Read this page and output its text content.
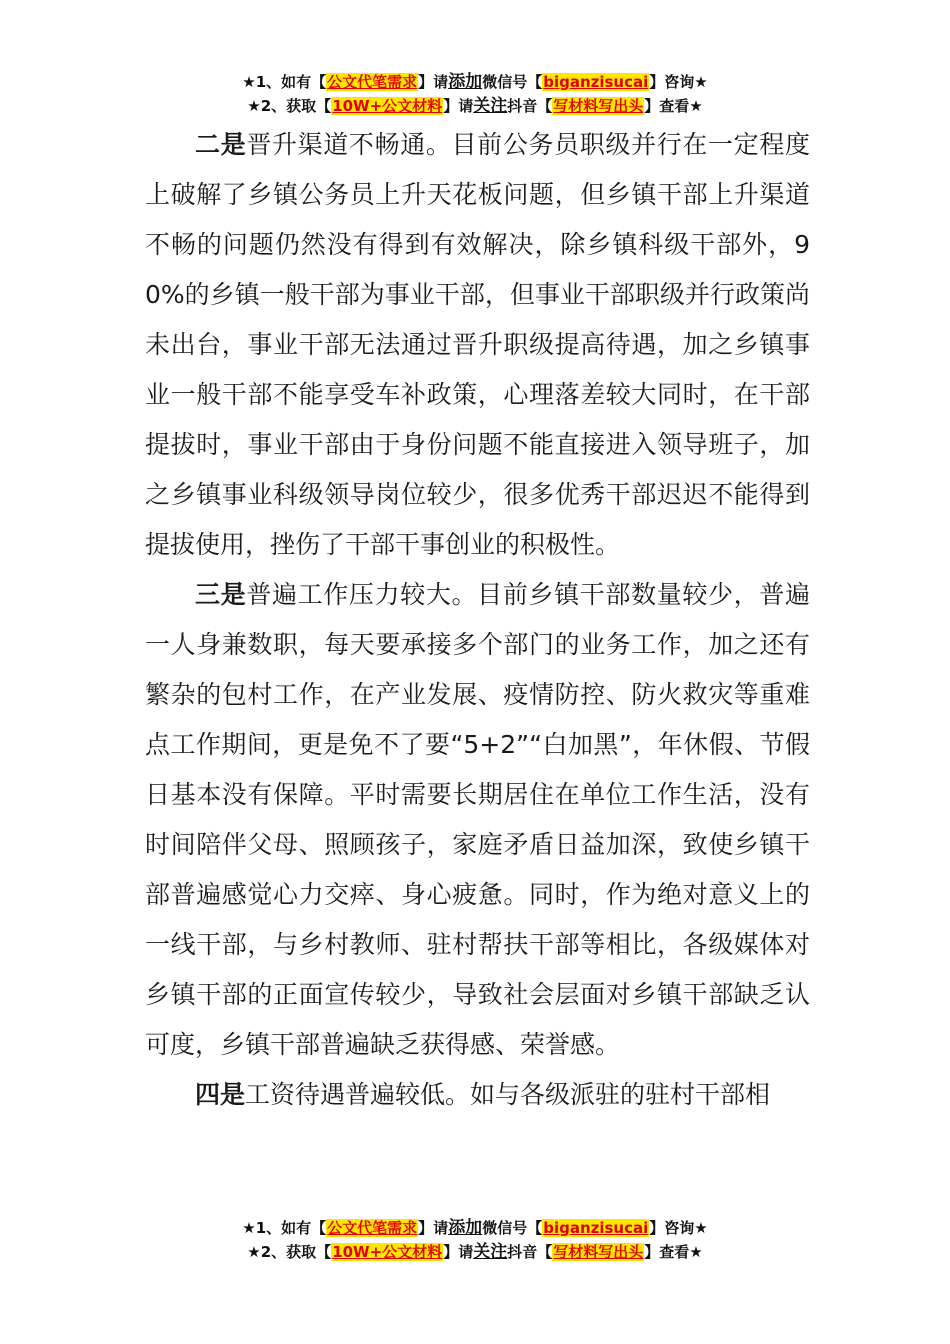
★1、如有【公文代笔需求】请添加微信号【biganzisucai】咨询★
★2、获取【10W+公文材料】请关注抖音【写材料写出头】查看★

二是晋升渠道不畅通。目前公务员职级并行在一定程度上破解了乡镇公务员上升天花板问题，但乡镇干部上升渠道不畅的问题仍然没有得到有效解决，除乡镇科级干部外，90%的乡镇一般干部为事业干部，但事业干部职级并行政策尚未出台，事业干部无法通过晋升职级提高待遇，加之乡镇事业一般干部不能享受车补政策，心理落差较大同时，在干部提拔时，事业干部由于身份问题不能直接进入领导班子，加之乡镇事业科级领导岗位较少，很多优秀干部迟迟不能得到提拔使用，挫伤了干部干事创业的积极性。

三是普遍工作压力较大。目前乡镇干部数量较少，普遍一人身兼数职，每天要承接多个部门的业务工作，加之还有繁杂的包村工作，在产业发展、疫情防控、防火救灾等重难点工作期间，更是免不了要“5+2”“白加黑”，年休假、节假日基本没有保障。平时需要长期居住在单位工作生活，没有时间陪伴父母、照顾孩子，家庭矛盾日益加深，致使乡镇干部普遍感觉心力交瘁、身心疲惫。同时，作为绝对意义上的一线干部，与乡村教师、驻村帮扶干部等相比，各级媒体对乡镇干部的正面宣传较少，导致社会层面对乡镇干部缺乏认可度，乡镇干部普遍缺乏获得感、荣誉感。

四是工资待遇普遍较低。如与各级派驻的驻村干部相

★1、如有【公文代笔需求】请添加微信号【biganzisucai】咨询★
★2、获取【10W+公文材料】请关注抖音【写材料写出头】查看★
